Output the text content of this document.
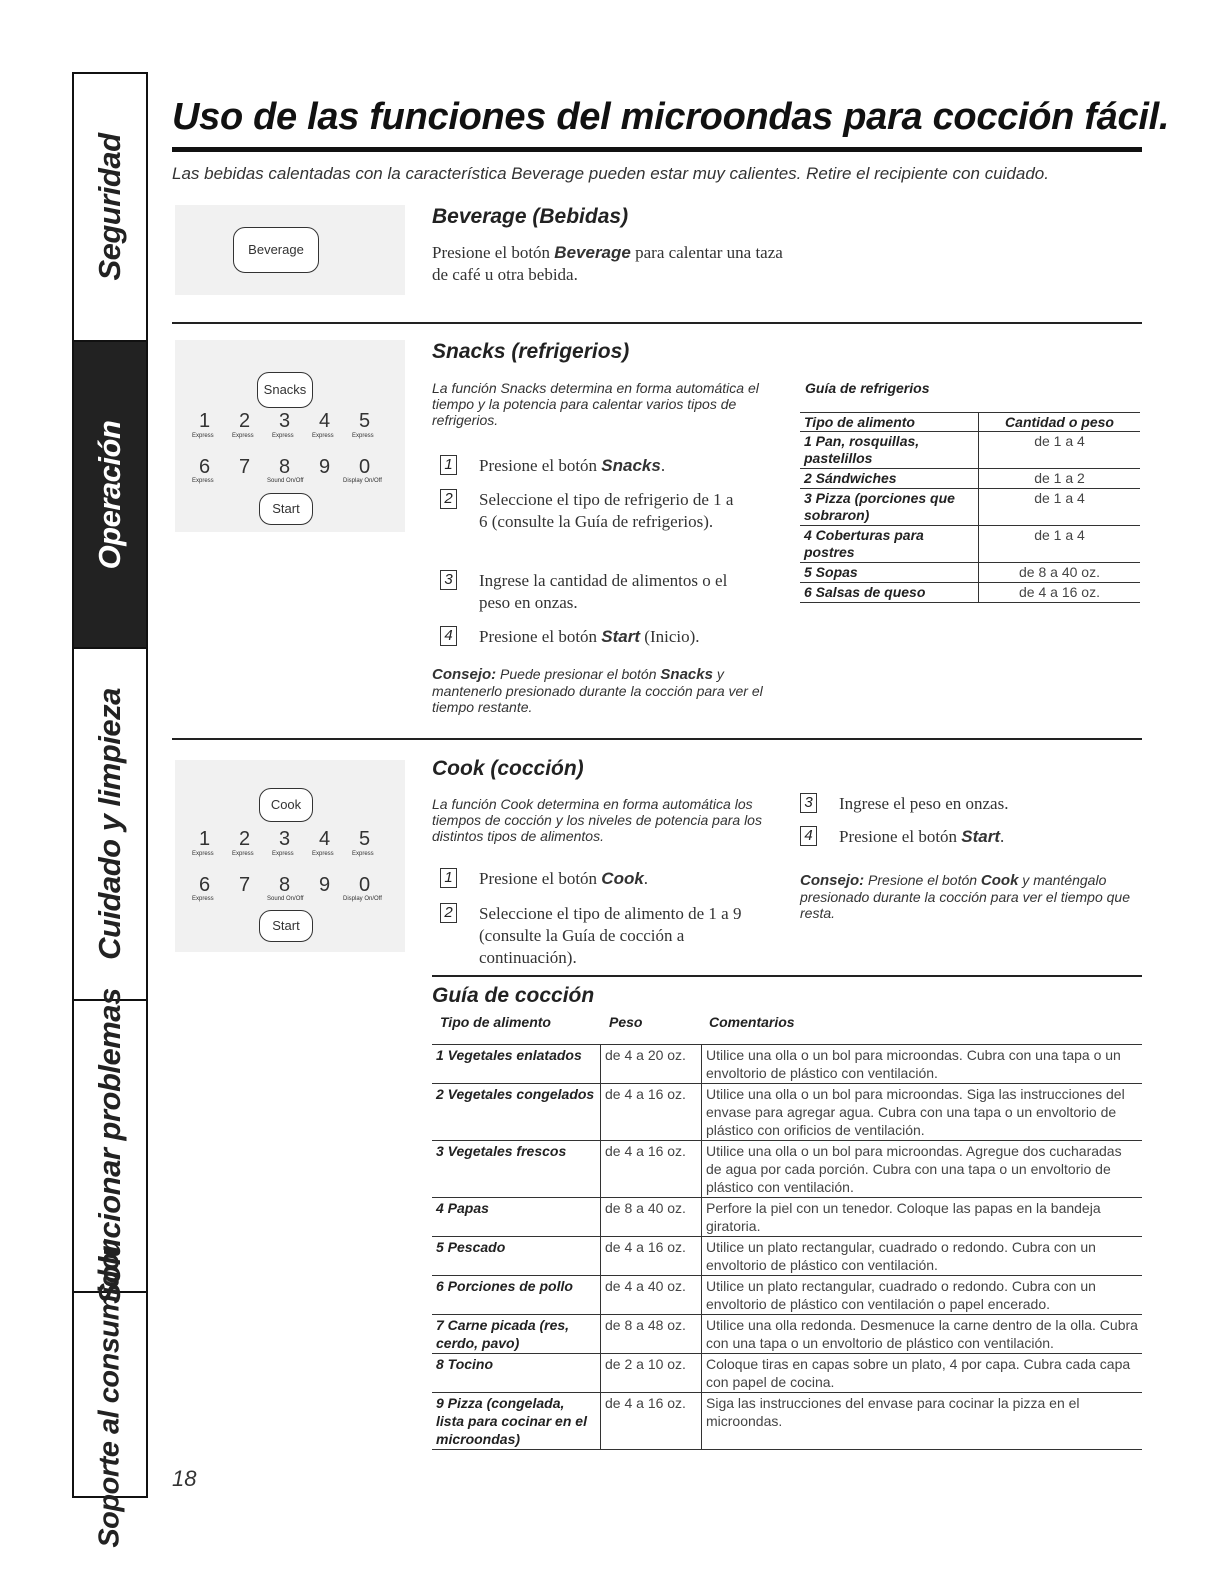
Seguridad
Operación
Cuidado y limpieza
Solucionar problemas
Soporte al consumidor
Uso de las funciones del microondas para cocción fácil.
Las bebidas calentadas con la característica Beverage pueden estar muy calientes. Retire el recipiente con cuidado.
Beverage
Beverage (Bebidas)
Presione el botón Beverage para calentar una taza de café u otra bebida.
Snacks
1 2 3 4 5
Express	Express	Express	Express	Express
6 7 8 9 0
Express	Sound On/Off	Display On/Off
Start
Snacks (refrigerios)
La función Snacks determina en forma automática el tiempo y la potencia para calentar varios tipos de refrigerios.
1 Presione el botón Snacks.
2 Seleccione el tipo de refrigerio de 1 a 6 (consulte la Guía de refrigerios).
3 Ingrese la cantidad de alimentos o el peso en onzas.
4 Presione el botón Start (Inicio).
Consejo: Puede presionar el botón Snacks y mantenerlo presionado durante la cocción para ver el tiempo restante.
Guía de refrigerios
Tipo de alimento	Cantidad o peso
1 Pan, rosquillas, pastelillos	de 1 a 4
2 Sándwiches	de 1 a 2
3 Pizza (porciones que sobraron)	de 1 a 4
4 Coberturas para postres	de 1 a 4
5 Sopas	de 8 a 40 oz.
6 Salsas de queso	de 4 a 16 oz.
Cook
1 2 3 4 5
Express	Express	Express	Express	Express
6 7 8 9 0
Express	Sound On/Off	Display On/Off
Start
Cook (cocción)
La función Cook determina en forma automática los tiempos de cocción y los niveles de potencia para los distintos tipos de alimentos.
1 Presione el botón Cook.
2 Seleccione el tipo de alimento de 1 a 9 (consulte la Guía de cocción a continuación).
3 Ingrese el peso en onzas.
4 Presione el botón Start.
Consejo: Presione el botón Cook y manténgalo presionado durante la cocción para ver el tiempo que resta.
Guía de cocción
Tipo de alimento	Peso	Comentarios
1 Vegetales enlatados	de 4 a 20 oz.	Utilice una olla o un bol para microondas. Cubra con una tapa o un envoltorio de plástico con ventilación.
2 Vegetales congelados	de 4 a 16 oz.	Utilice una olla o un bol para microondas. Siga las instrucciones del envase para agregar agua. Cubra con una tapa o un envoltorio de plástico con orificios de ventilación.
3 Vegetales frescos	de 4 a 16 oz.	Utilice una olla o un bol para microondas. Agregue dos cucharadas de agua por cada porción. Cubra con una tapa o un envoltorio de plástico con ventilación.
4 Papas	de 8 a 40 oz.	Perfore la piel con un tenedor. Coloque las papas en la bandeja giratoria.
5 Pescado	de 4 a 16 oz.	Utilice un plato rectangular, cuadrado o redondo. Cubra con un envoltorio de plástico con ventilación.
6 Porciones de pollo	de 4 a 40 oz.	Utilice un plato rectangular, cuadrado o redondo. Cubra con un envoltorio de plástico con ventilación o papel encerado.
7 Carne picada (res, cerdo, pavo)	de 8 a 48 oz.	Utilice una olla redonda. Desmenuce la carne dentro de la olla. Cubra con una tapa o un envoltorio de plástico con ventilación.
8 Tocino	de 2 a 10 oz.	Coloque tiras en capas sobre un plato, 4 por capa. Cubra cada capa con papel de cocina.
9 Pizza (congelada, lista para cocinar en el microondas)	de 4 a 16 oz.	Siga las instrucciones del envase para cocinar la pizza en el microondas.
18
